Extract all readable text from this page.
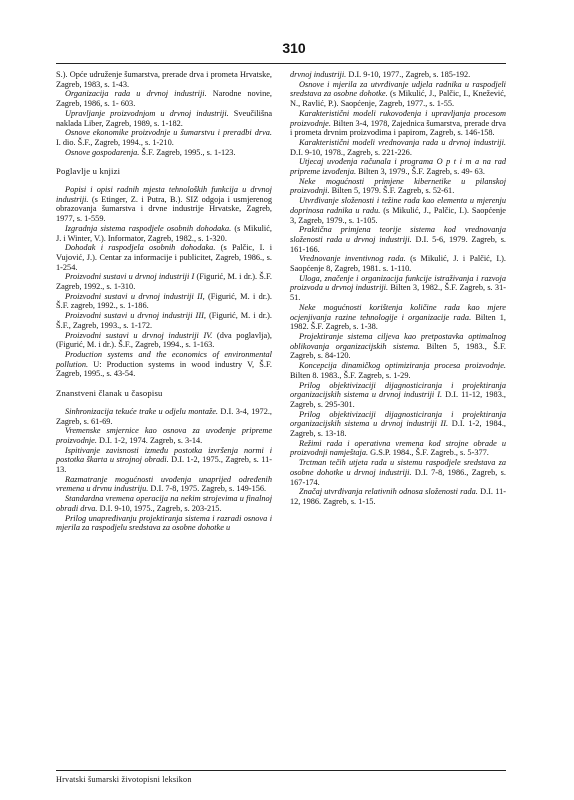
310

S.). Opće udruženje šumarstva, prerade drva i prometa Hrvatske, Zagreb, 1983, s. 1-43.

Organizacija rada u drvnoj industriji. Narodne novine, Zagreb, 1986, s. 1- 603.

Upravljanje proizvodnjom u drvnoj industriji. Sveučilišna naklada Liber, Zagreb, 1989, s. 1-182.

Osnove ekonomike proizvodnje u šumarstvu i preradbi drva. I. dio. Š.F., Zagreb, 1994., s. 1-210.

Osnove gospodarenja. Š.F. Zagreb, 1995., s. 1-123.

Poglavlje u knjizi

Popisi i opisi radnih mjesta tehnoloških funkcija u drvnoj industriji. (s Etinger, Z. i Putra, B.). SIZ odgoja i usmjerenog obrazovanja šumarstva i drvne industrije Hrvatske, Zagreb, 1977, s. 1-559.

Izgradnja sistema raspodjele osobnih dohodaka. (s Mikulić, J. i Winter, V.). Informator, Zagreb, 1982., s. 1-320.

Dohodak i raspodjela osobnih dohodaka. (s Palčic, I. i Vujović, J.). Centar za informacije i publicitet, Zagreb, 1986., s. 1-254.

Proizvodni sustavi u drvnoj industriji I (Figurić, M. i dr.). Š.F. Zagreb, 1992., s. 1-310.

Proizvodni sustavi u drvnoj industriji II, (Figurić, M. i dr.). Š.F. zagreb, 1992., s. 1-186.

Proizvodni sustavi u drvnoj industriji III, (Figurić, M. i dr.). Š.F., Zagreb, 1993., s. 1-172.

Proizvodni sustavi u drvnoj industriji IV. (dva poglavlja), (Figurić, M. i dr.). Š.F., Zagreb, 1994., s. 1-163.

Production systems and the economics of environmental pollution. U: Production systems in wood industry V, Š.F. Zagreb, 1995., s. 43-54.

Znanstveni članak u časopisu

Sinhronizacija tekuće trake u odjelu montaže. D.I. 3-4, 1972., Zagreb, s. 61-69.

Vremenske smjernice kao osnova za uvođenje pripreme proizvodnje. D.I. 1-2, 1974. Zagreb, s. 3-14.

Ispitivanje zavisnosti između postotka izvršenja normi i postotka škarta u strojnoj obradi. D.I. 1-2, 1975., Zagreb, s. 11-13.

Razmatranje mogućnosti uvođenja unaprijed određenih vremena u drvnu industriju. D.I. 7-8, 1975. Zagreb, s. 149-156.

Standardna vremena operacija na nekim strojevima u finalnoj obradi drva. D.I. 9-10, 1975., Zagreb, s. 203-215.

Prilog unapređivanju projektiranja sistema i razradi osnova i mjerila za raspodjelu sredstava za osobne dohotke u

drvnoj industriji. D.I. 9-10, 1977., Zagreb, s. 185-192.

Osnove i mjerila za utvrđivanje udjela radnika u raspodjeli sredstava za osobne dohotke. (s Mikulić, J., Palčic, I., Knežević, N., Ravlić, P.). Saopćenje, Zagreb, 1977., s. 1-55.

Karakteristični modeli rukovođenja i upravljanja procesom proizvodnje. Bilten 3-4, 1978, Zajednica šumarstva, prerade drva i prometa drvnim proizvodima i papirom, Zagreb, s. 146-158.

Karakteristični modeli vrednovanja rada u drvnoj industriji. D.I. 9-10, 1978., Zagreb, s. 221-226.

Utjecaj uvođenja računala i programa O p t i m a na rad pripreme izvođenja. Bilten 3, 1979., Š.F. Zagreb, s. 49- 63.

Neke mogućnosti primjene kibernetike u pilanskoj proizvodnji. Bilten 5, 1979. Š.F. Zagreb, s. 52-61.

Utvrđivanje složenosti i težine rada kao elementa u mjerenju doprinosa radnika u radu. (s Mikulić, J., Palčic, I.). Saopćenje 3, Zagreb, 1979., s. 1-105.

Praktična primjena teorije sistema kod vrednovanja složenosti rada u drvnoj industriji. D.I. 5-6, 1979. Zagreb, s. 161-166.

Vrednovanje inventivnog rada. (s Mikulić, J. i Palčić, I.). Saopćenje 8, Zagreb, 1981. s. 1-110.

Uloga, značenje i organizacija funkcije istraživanja i razvoja proizvoda u drvnoj industriji. Bilten 3, 1982., Š.F. Zagreb, s. 31-51.

Neke mogućnosti korištenja količine rada kao mjere ocjenjivanja razine tehnologije i organizacije rada. Bilten 1, 1982. Š.F. Zagreb, s. 1-38.

Projektiranje sistema ciljeva kao pretpostavka optimalnog oblikovanja organizacijskih sistema. Bilten 5, 1983., Š.F. Zagreb, s. 84-120.

Koncepcija dinamičkog optimiziranja procesa proizvodnje. Bilten 8. 1983., Š.F. Zagreb, s. 1-29.

Prilog objektivizaciji dijagnosticiranja i projektiranja organizacijskih sistema u drvnoj industriji I. D.I. 11-12, 1983., Zagreb, s. 295-301.

Prilog objektivizaciji dijagnosticiranja i projektiranja organizacijskih sistema u drvnoj industriji II. D.I. 1-2, 1984., Zagreb, s. 13-18.

Režimi rada i operativna vremena kod strojne obrade u proizvodnji namještaja. G.S.P. 1984., Š.F. Zagreb., s. 5-377.

Trctman tečih utjeta rada u sistemu raspodjele sredstava za osobne dohotke u drvnoj industriji. D.I. 7-8, 1986., Zagreb, s. 167-174.

Značaj utvrđivanja relativnih odnosa složenosti rada. D.I. 11-12, 1986. Zagreb, s. 1-15.

Hrvatski šumarski životopisni leksikon
